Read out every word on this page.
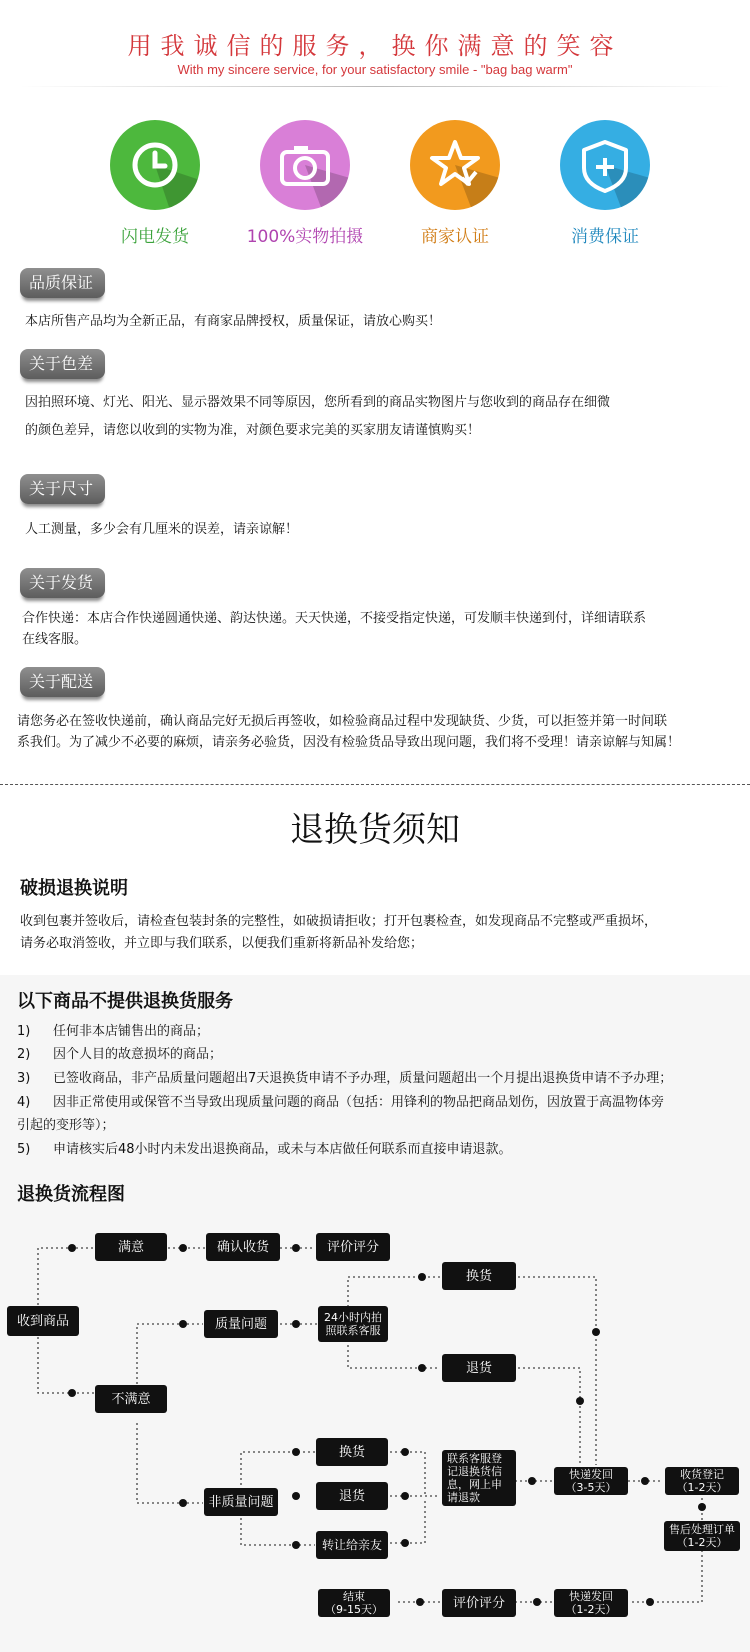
用我诚信的服务，换你满意的笑容
With my sincere service, for your satisfactory smile - "bag bag warm"
闪电发货	100%实物拍摄	商家认证	消费保证
品质保证
本店所售产品均为全新正品，有商家品牌授权，质量保证，请放心购买！
关于色差
因拍照环境、灯光、阳光、显示器效果不同等原因，您所看到的商品实物图片与您收到的商品存在细微
的颜色差异，请您以收到的实物为准，对颜色要求完美的买家朋友请谨慎购买！
关于尺寸
人工测量，多少会有几厘米的误差，请亲谅解！
关于发货
合作快递：本店合作快递圆通快递、韵达快递。天天快递，不接受指定快递，可发顺丰快递到付，详细请联系
在线客服。
关于配送
请您务必在签收快递前，确认商品完好无损后再签收，如检验商品过程中发现缺货、少货，可以拒签并第一时间联
系我们。为了减少不必要的麻烦，请亲务必验货，因没有检验货品导致出现问题，我们将不受理！请亲谅解与知属！
退换货须知
破损退换说明
收到包裹并签收后，请检查包装封条的完整性，如破损请拒收；打开包裹检查，如发现商品不完整或严重损坏，
请务必取消签收，并立即与我们联系，以便我们重新将新品补发给您；
以下商品不提供退换货服务
1) 任何非本店铺售出的商品；
2) 因个人目的故意损坏的商品；
3) 已签收商品，非产品质量问题超出7天退换货申请不予办理，质量问题超出一个月提出退换货申请不予办理；
4) 因非正常使用或保管不当导致出现质量问题的商品（包括：用锋利的物品把商品划伤，因放置于高温物体旁
引起的变形等）；
5) 申请核实后48小时内未发出退换商品，或未与本店做任何联系而直接申请退款。
退换货流程图
收到商品
满意	确认收货	评价评分
不满意
质量问题	24小时内拍照联系客服
换货
退货
非质量问题
换货
退货
转让给亲友
联系客服登记退换货信息，网上申请退款
快递发回
（3-5天）
收货登记
（1-2天）
售后处理订单
（1-2天）
快递发回
（1-2天）
评价评分
结束
（9-15天）
